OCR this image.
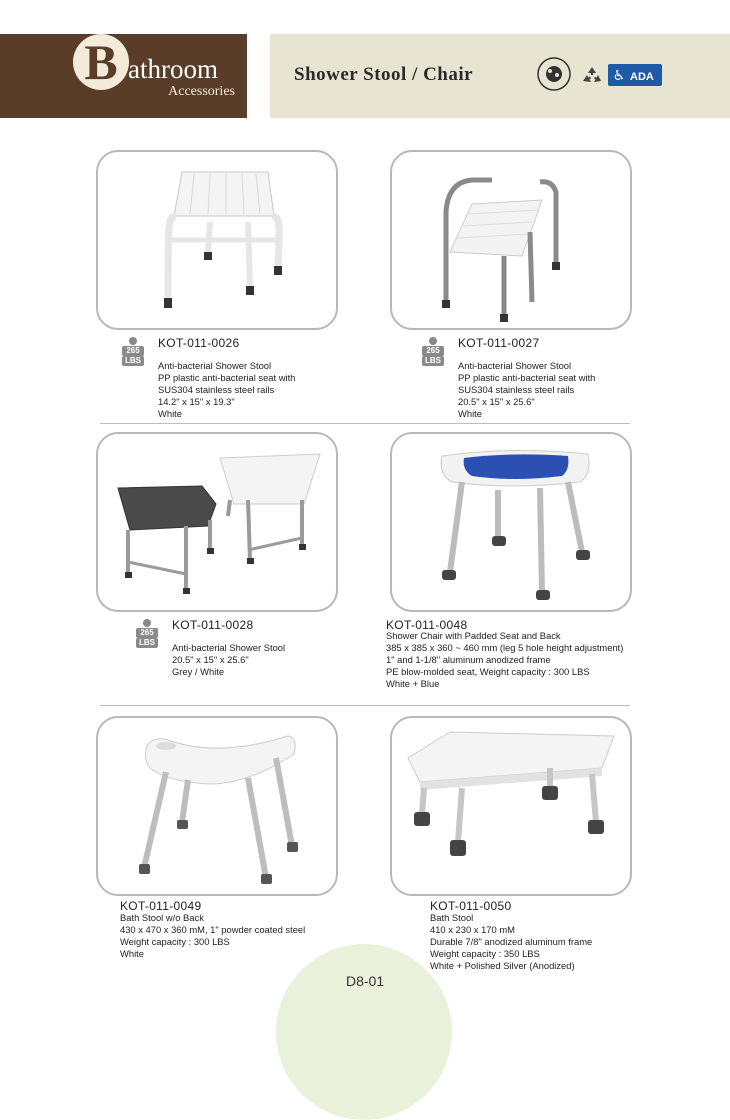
B athroom
Accessories
Shower Stool / Chair	♿ ADA
265
LBS
KOT-011-0026
Anti-bacterial Shower Stool
PP plastic anti-bacterial seat with
SUS304 stainless steel rails
14.2" x 15" x 19.3"
White
265
LBS
KOT-011-0027
Anti-bacterial Shower Stool
PP plastic anti-bacterial seat with
SUS304 stainless steel rails
20.5" x 15" x 25.6"
White
265
LBS
KOT-011-0028
Anti-bacterial Shower Stool
20.5" x 15" x 25.6"
Grey / White
KOT-011-0048
Shower Chair with Padded Seat and Back
385 x 385 x 360 ~ 460 mm (leg 5 hole height adjustment)
1" and 1-1/8" aluminum anodized frame
PE blow-molded seat, Weight capacity : 300 LBS
White + Blue
KOT-011-0049
Bath Stool w/o Back
430 x 470 x 360 mM, 1" powder coated steel
Weight capacity : 300 LBS
White
KOT-011-0050
Bath Stool
410 x 230 x 170 mM
Durable 7/8" anodized aluminum frame
Weight capacity : 350 LBS
White + Polished Silver (Anodized)
D8-01
